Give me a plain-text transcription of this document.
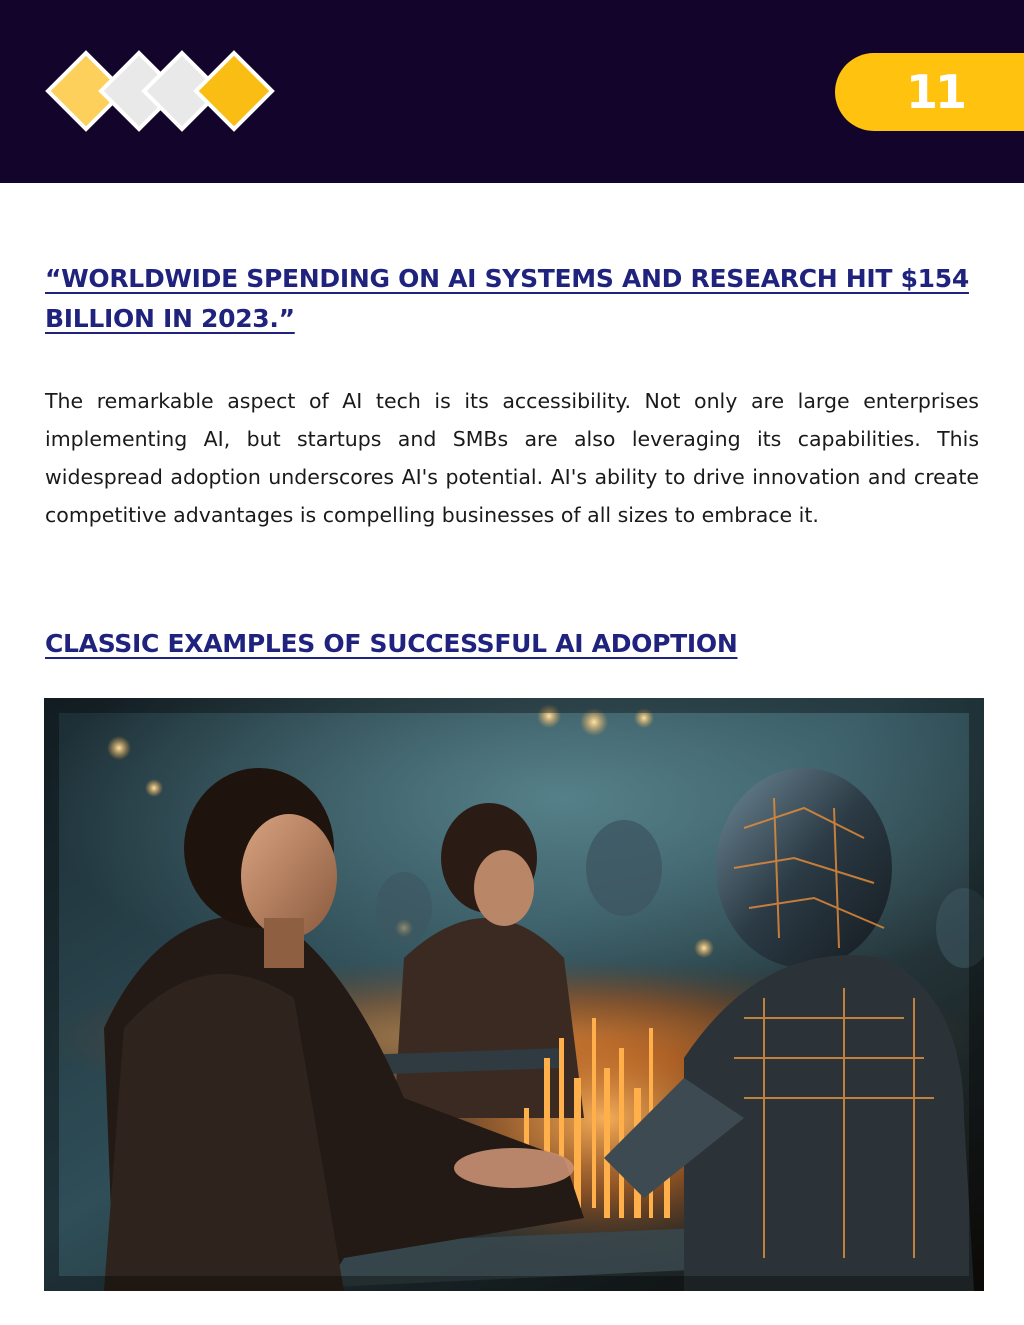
11
“WORLDWIDE SPENDING ON AI SYSTEMS AND RESEARCH HIT $154 BILLION IN 2023.”

The remarkable aspect of AI tech is its accessibility. Not only are large enterprises implementing AI, but startups and SMBs are also leveraging its capabilities. This widespread adoption underscores AI's potential. AI's ability to drive innovation and create competitive advantages is compelling businesses of all sizes to embrace it.

CLASSIC EXAMPLES OF SUCCESSFUL AI ADOPTION
